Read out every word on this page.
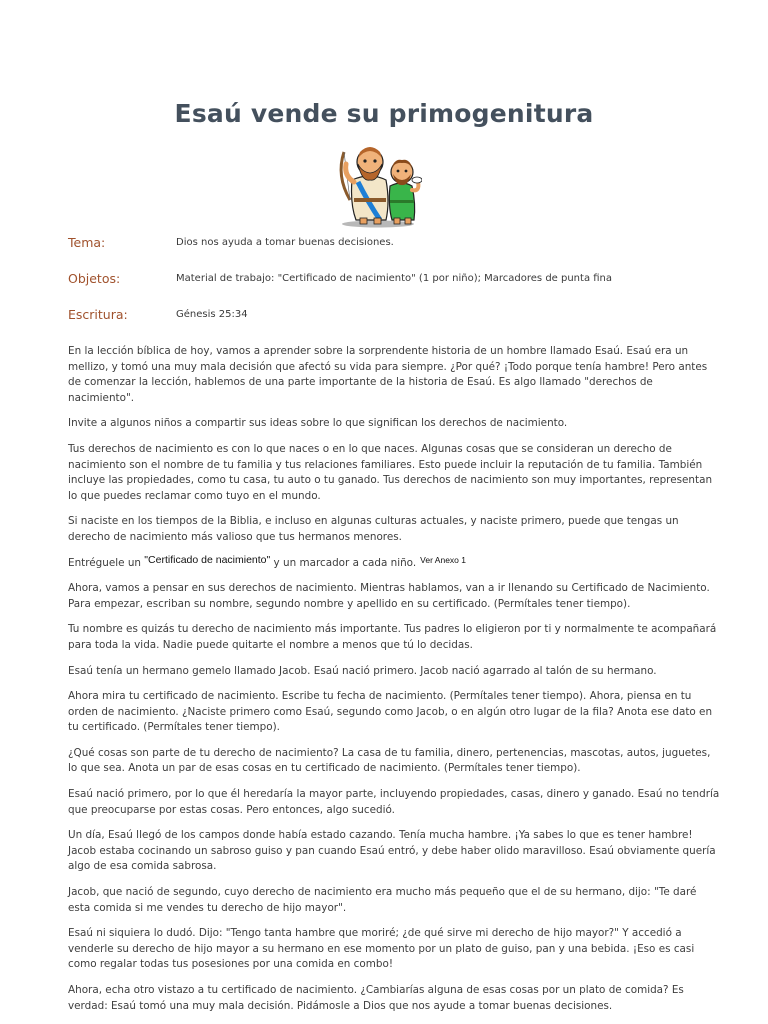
Esaú vende su primogenitura
Tema:	Dios nos ayuda a tomar buenas decisiones.
Objetos:	Material de trabajo: "Certificado de nacimiento" (1 por niño); Marcadores de punta fina
Escritura:	Génesis 25:34

En la lección bíblica de hoy, vamos a aprender sobre la sorprendente historia de un hombre llamado Esaú. Esaú era un mellizo, y tomó una muy mala decisión que afectó su vida para siempre. ¿Por qué? ¡Todo porque tenía hambre! Pero antes de comenzar la lección, hablemos de una parte importante de la historia de Esaú. Es algo llamado "derechos de nacimiento".

Invite a algunos niños a compartir sus ideas sobre lo que significan los derechos de nacimiento.

Tus derechos de nacimiento es con lo que naces o en lo que naces. Algunas cosas que se consideran un derecho de nacimiento son el nombre de tu familia y tus relaciones familiares. Esto puede incluir la reputación de tu familia. También incluye las propiedades, como tu casa, tu auto o tu ganado. Tus derechos de nacimiento son muy importantes, representan lo que puedes reclamar como tuyo en el mundo.

Si naciste en los tiempos de la Biblia, e incluso en algunas culturas actuales, y naciste primero, puede que tengas un derecho de nacimiento más valioso que tus hermanos menores.

Entréguele un "Certificado de nacimiento" y un marcador a cada niño. $^{Ver Anexo 1}$

Ahora, vamos a pensar en sus derechos de nacimiento. Mientras hablamos, van a ir llenando su Certificado de Nacimiento. Para empezar, escriban su nombre, segundo nombre y apellido en su certificado. (Permítales tener tiempo).

Tu nombre es quizás tu derecho de nacimiento más importante. Tus padres lo eligieron por ti y normalmente te acompañará para toda la vida. Nadie puede quitarte el nombre a menos que tú lo decidas.

Esaú tenía un hermano gemelo llamado Jacob. Esaú nació primero. Jacob nació agarrado al talón de su hermano.

Ahora mira tu certificado de nacimiento. Escribe tu fecha de nacimiento. (Permítales tener tiempo). Ahora, piensa en tu orden de nacimiento. ¿Naciste primero como Esaú, segundo como Jacob, o en algún otro lugar de la fila? Anota ese dato en tu certificado. (Permítales tener tiempo).

¿Qué cosas son parte de tu derecho de nacimiento? La casa de tu familia, dinero, pertenencias, mascotas, autos, juguetes, lo que sea. Anota un par de esas cosas en tu certificado de nacimiento. (Permítales tener tiempo).

Esaú nació primero, por lo que él heredaría la mayor parte, incluyendo propiedades, casas, dinero y ganado. Esaú no tendría que preocuparse por estas cosas. Pero entonces, algo sucedió.

Un día, Esaú llegó de los campos donde había estado cazando. Tenía mucha hambre. ¡Ya sabes lo que es tener hambre! Jacob estaba cocinando un sabroso guiso y pan cuando Esaú entró, y debe haber olido maravilloso. Esaú obviamente quería algo de esa comida sabrosa.

Jacob, que nació de segundo, cuyo derecho de nacimiento era mucho más pequeño que el de su hermano, dijo: "Te daré esta comida si me vendes tu derecho de hijo mayor".

Esaú ni siquiera lo dudó. Dijo: "Tengo tanta hambre que moriré; ¿de qué sirve mi derecho de hijo mayor?" Y accedió a venderle su derecho de hijo mayor a su hermano en ese momento por un plato de guiso, pan y una bebida. ¡Eso es casi como regalar todas tus posesiones por una comida en combo!

Ahora, echa otro vistazo a tu certificado de nacimiento. ¿Cambiarías alguna de esas cosas por un plato de comida? Es verdad: Esaú tomó una muy mala decisión. Pidámosle a Dios que nos ayude a tomar buenas decisiones.
